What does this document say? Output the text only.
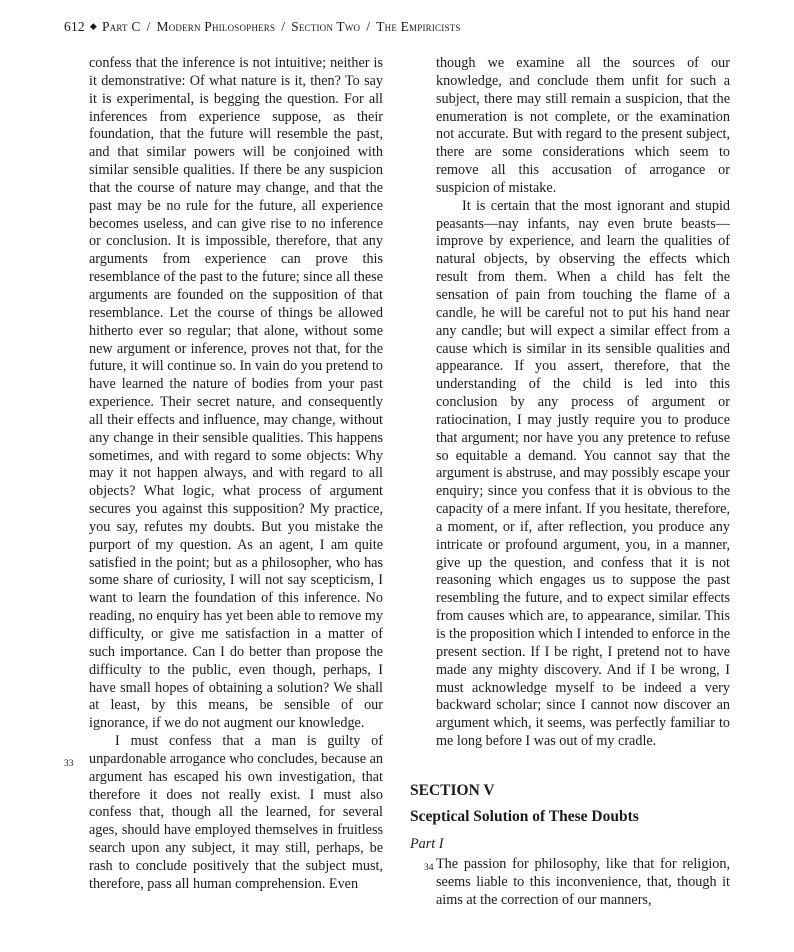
612 ◆ Part C / Modern Philosophers / Section Two / The Empiricists

confess that the inference is not intuitive; neither is it demonstrative: Of what nature is it, then? To say it is experimental, is begging the question. For all inferences from experience suppose, as their foundation, that the future will resemble the past, and that similar powers will be conjoined with similar sensible qualities. If there be any suspicion that the course of nature may change, and that the past may be no rule for the future, all experience becomes useless, and can give rise to no inference or conclusion. It is impossible, therefore, that any arguments from experience can prove this resemblance of the past to the future; since all these arguments are founded on the supposition of that resemblance. Let the course of things be allowed hitherto ever so regular; that alone, without some new argument or inference, proves not that, for the future, it will continue so. In vain do you pretend to have learned the nature of bodies from your past experience. Their secret nature, and consequently all their effects and influence, may change, without any change in their sensible qualities. This happens sometimes, and with regard to some objects: Why may it not happen always, and with regard to all objects? What logic, what process of argument secures you against this supposition? My practice, you say, refutes my doubts. But you mistake the purport of my question. As an agent, I am quite satisfied in the point; but as a philosopher, who has some share of curiosity, I will not say scepticism, I want to learn the foundation of this inference. No reading, no enquiry has yet been able to remove my difficulty, or give me satisfaction in a matter of such importance. Can I do better than propose the difficulty to the public, even though, perhaps, I have small hopes of obtaining a solution? We shall at least, by this means, be sensible of our ignorance, if we do not augment our knowledge.

I must confess that a man is guilty of unpardonable arrogance who concludes, because an argument has escaped his own investigation, that therefore it does not really exist. I must also confess that, though all the learned, for several ages, should have employed themselves in fruitless search upon any subject, it may still, perhaps, be rash to conclude positively that the subject must, therefore, pass all human comprehension. Even

33

though we examine all the sources of our knowledge, and conclude them unfit for such a subject, there may still remain a suspicion, that the enumeration is not complete, or the examination not accurate. But with regard to the present subject, there are some considerations which seem to remove all this accusation of arrogance or suspicion of mistake.

It is certain that the most ignorant and stupid peasants—nay infants, nay even brute beasts—improve by experience, and learn the qualities of natural objects, by observing the effects which result from them. When a child has felt the sensation of pain from touching the flame of a candle, he will be careful not to put his hand near any candle; but will expect a similar effect from a cause which is similar in its sensible qualities and appearance. If you assert, therefore, that the understanding of the child is led into this conclusion by any process of argument or ratiocination, I may justly require you to produce that argument; nor have you any pretence to refuse so equitable a demand. You cannot say that the argument is abstruse, and may possibly escape your enquiry; since you confess that it is obvious to the capacity of a mere infant. If you hesitate, therefore, a moment, or if, after reflection, you produce any intricate or profound argument, you, in a manner, give up the question, and confess that it is not reasoning which engages us to suppose the past resembling the future, and to expect similar effects from causes which are, to appearance, similar. This is the proposition which I intended to enforce in the present section. If I be right, I pretend not to have made any mighty discovery. And if I be wrong, I must acknowledge myself to be indeed a very backward scholar; since I cannot now discover an argument which, it seems, was perfectly familiar to me long before I was out of my cradle.

SECTION V
Sceptical Solution of These Doubts
Part I
34 The passion for philosophy, like that for religion, seems liable to this inconvenience, that, though it aims at the correction of our manners,
